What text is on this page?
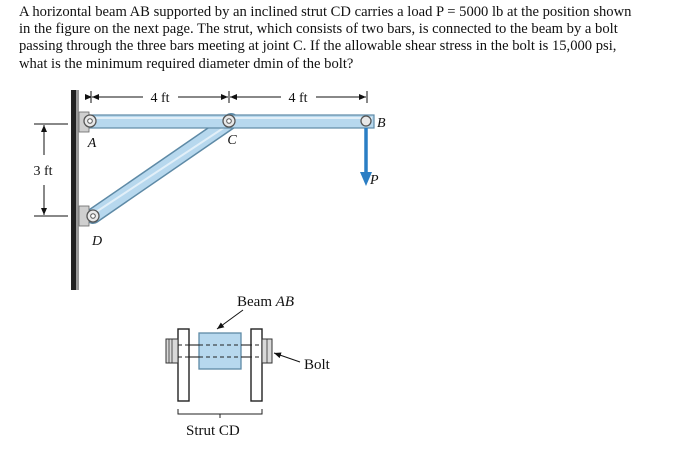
A horizontal beam AB supported by an inclined strut CD carries a load P = 5000 lb at the position shown
in the figure on the next page. The strut, which consists of two bars, is connected to the beam by a bolt
passing through the three bars meeting at joint C. If the allowable shear stress in the bolt is 15,000 psi,
what is the minimum required diameter dmin of the bolt?
4 ft	4 ft
3 ft
A
B
C
D
P
Beam AB
Bolt
Strut CD
